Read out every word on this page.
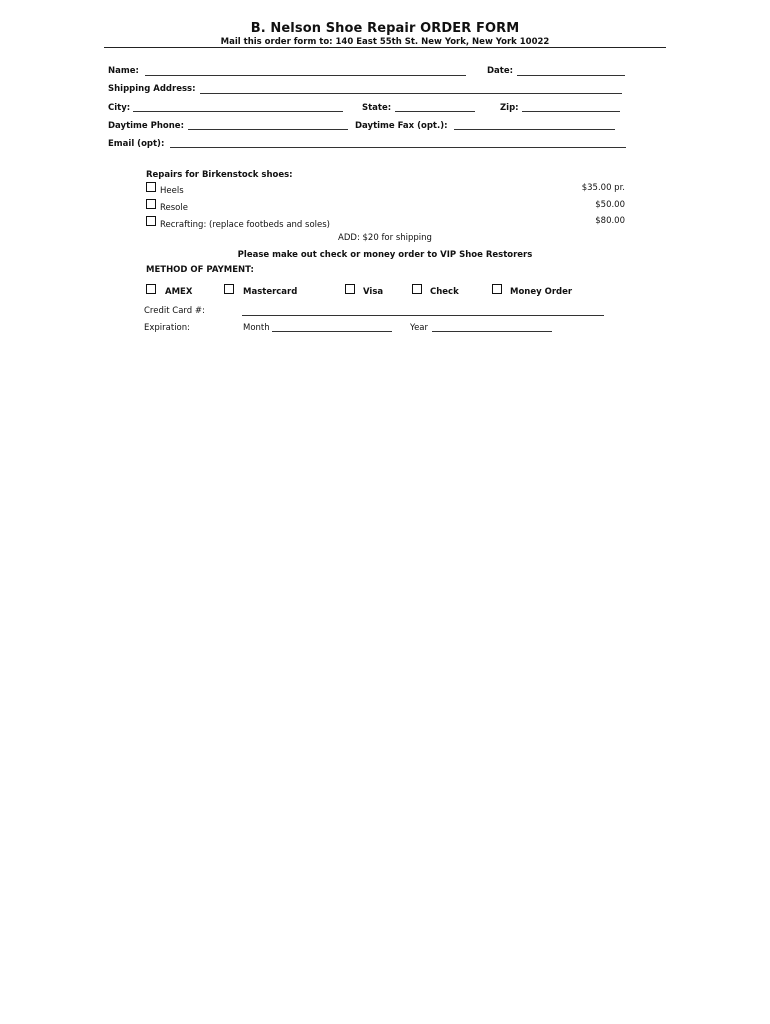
B. Nelson Shoe Repair ORDER FORM
Mail this order form to: 140 East 55th St. New York, New York 10022
Name:	Date:
Shipping Address:
City:	State:	Zip:
Daytime Phone:	Daytime Fax (opt.):
Email (opt):
Repairs for Birkenstock shoes:
Heels	$35.00 pr.
Resole	$50.00
Recrafting: (replace footbeds and soles)	$80.00
ADD: $20 for shipping
Please make out check or money order to VIP Shoe Restorers
METHOD OF PAYMENT:
AMEX	Mastercard	Visa	Check	Money Order
Credit Card #:
Expiration:	Month	Year
